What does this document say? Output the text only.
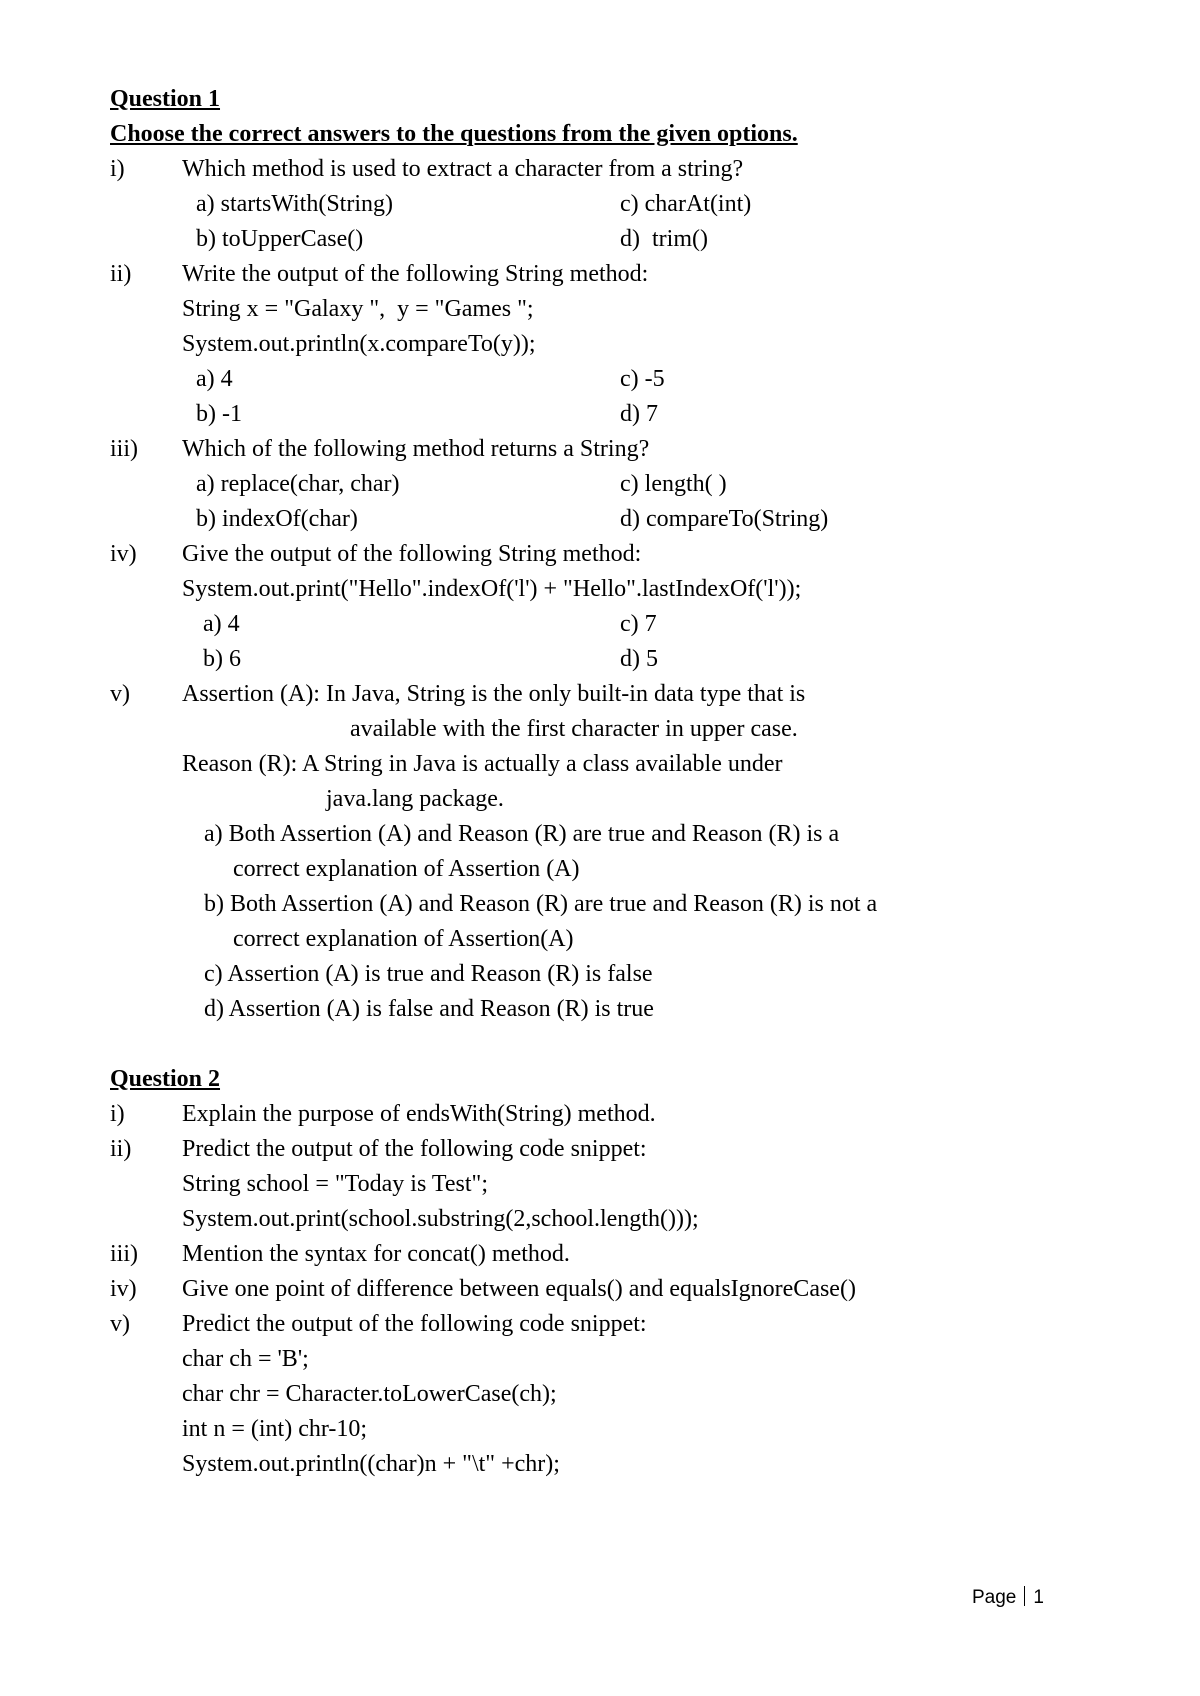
Question 1
Choose the correct answers to the questions from the given options.
i) Which method is used to extract a character from a string?
a) startsWith(String)	c) charAt(int)
b) toUpperCase()	d)  trim()
ii) Write the output of the following String method:
String x = "Galaxy ",  y = "Games ";
System.out.println(x.compareTo(y));
a) 4	c) -5
b) -1	d) 7
iii) Which of the following method returns a String?
a) replace(char, char)	c) length( )
b) indexOf(char)	d) compareTo(String)
iv) Give the output of the following String method:
System.out.print("Hello".indexOf('l') + "Hello".lastIndexOf('l'));
a) 4	c) 7
b) 6	d) 5
v) Assertion (A): In Java, String is the only built-in data type that is
available with the first character in upper case.
Reason (R): A String in Java is actually a class available under
java.lang package.
a) Both Assertion (A) and Reason (R) are true and Reason (R) is a
correct explanation of Assertion (A)
b) Both Assertion (A) and Reason (R) are true and Reason (R) is not a
correct explanation of Assertion(A)
c) Assertion (A) is true and Reason (R) is false
d) Assertion (A) is false and Reason (R) is true
Question 2
i) Explain the purpose of endsWith(String) method.
ii) Predict the output of the following code snippet:
String school = "Today is Test";
System.out.print(school.substring(2,school.length()));
iii) Mention the syntax for concat() method.
iv) Give one point of difference between equals() and equalsIgnoreCase()
v) Predict the output of the following code snippet:
char ch = 'B';
char chr = Character.toLowerCase(ch);
int n = (int) chr-10;
System.out.println((char)n + "\t" +chr);
Page 1
